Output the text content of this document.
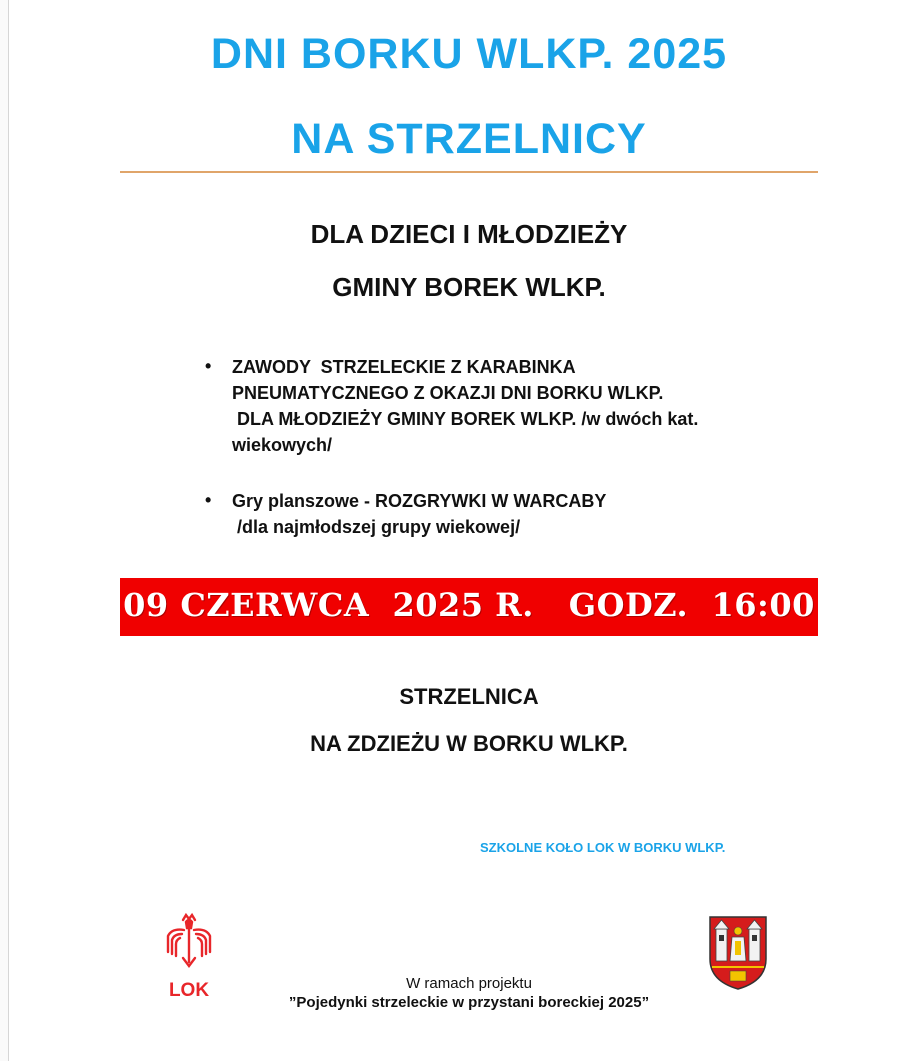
DNI BORKU WLKP. 2025
NA STRZELNICY
DLA DZIECI I MŁODZIEŻY
GMINY BOREK WLKP.
• ZAWODY  STRZELECKIE Z KARABINKA
PNEUMATYCZNEGO Z OKAZJI DNI BORKU WLKP.
DLA MŁODZIEŻY GMINY BOREK WLKP. /w dwóch kat.
wiekowych/
• Gry planszowe - ROZGRYWKI W WARCABY
/dla najmłodszej grupy wiekowej/
09 CZERWCA  2025 R.   GODZ.  16:00
STRZELNICA
NA ZDZIEŻU W BORKU WLKP.
SZKOLNE KOŁO LOK W BORKU WLKP.
LOK	W ramach projektu
”Pojedynki strzeleckie w przystani boreckiej 2025”
